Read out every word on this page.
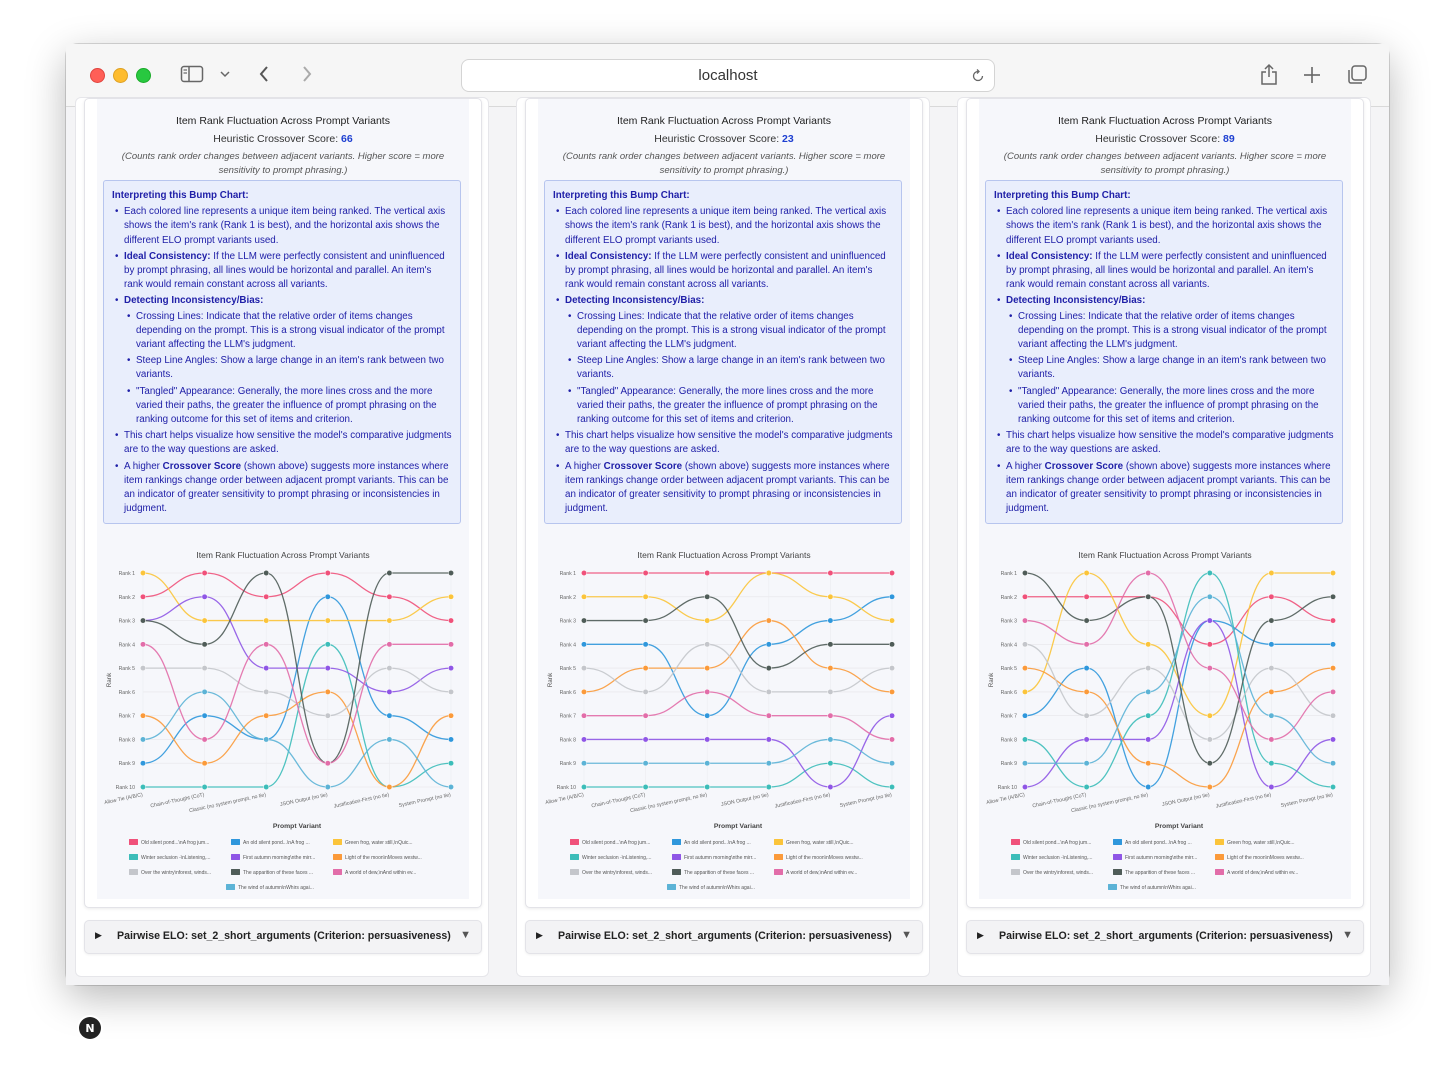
localhost
Item Rank Fluctuation Across Prompt Variants
Heuristic Crossover Score: 66
(Counts rank order changes between adjacent variants. Higher score = more sensitivity to prompt phrasing.)
Interpreting this Bump Chart:
• Each colored line represents a unique item being ranked. The vertical axis shows the item's rank (Rank 1 is best), and the horizontal axis shows the different ELO prompt variants used.
• Ideal Consistency: If the LLM were perfectly consistent and uninfluenced by prompt phrasing, all lines would be horizontal and parallel. An item's rank would remain constant across all variants.
• Detecting Inconsistency/Bias:
• Crossing Lines: Indicate that the relative order of items changes depending on the prompt. This is a strong visual indicator of the prompt variant affecting the LLM's judgment.
• Steep Line Angles: Show a large change in an item's rank between two variants.
• "Tangled" Appearance: Generally, the more lines cross and the more varied their paths, the greater the influence of prompt phrasing on the ranking outcome for this set of items and criterion.
• This chart helps visualize how sensitive the model's comparative judgments are to the way questions are asked.
• A higher Crossover Score (shown above) suggests more instances where item rankings change order between adjacent prompt variants. This can be an indicator of greater sensitivity to prompt phrasing or inconsistencies in judgment.
Item Rank Fluctuation Across Prompt Variants
Rank 1
Rank 2
Rank 3
Rank 4
Rank 5
Rank 6
Rank 7
Rank 8
Rank 9
Rank 10
Allow Tie (A/B/C) Chain-of-Thought (CoT)
Classic (no system prompt, no tie) JSON Output (no tie) Justification-First (no tie) System Prompt (no tie)
Rank
Prompt Variant
Old silent pond...\nA frog jum...	An old silent pond...\nA frog ...	Green frog, water still,\nQuic...
Winter seclusion -\nListening,...	First autumn morning\nthe mirr...	Light of the moon\nMoves westw...
Over the wintry\nforest, winds...	The apparition of these faces ...	A world of dew,\nAnd within ev...
The wind of autumn\nWhirs agai...
▶ Pairwise ELO: set_2_short_arguments (Criterion: persuasiveness) ▼
Item Rank Fluctuation Across Prompt Variants
Heuristic Crossover Score: 23
(Counts rank order changes between adjacent variants. Higher score = more sensitivity to prompt phrasing.)
Interpreting this Bump Chart:
• Each colored line represents a unique item being ranked. The vertical axis shows the item's rank (Rank 1 is best), and the horizontal axis shows the different ELO prompt variants used.
• Ideal Consistency: If the LLM were perfectly consistent and uninfluenced by prompt phrasing, all lines would be horizontal and parallel. An item's rank would remain constant across all variants.
• Detecting Inconsistency/Bias:
• Crossing Lines: Indicate that the relative order of items changes depending on the prompt. This is a strong visual indicator of the prompt variant affecting the LLM's judgment.
• Steep Line Angles: Show a large change in an item's rank between two variants.
• "Tangled" Appearance: Generally, the more lines cross and the more varied their paths, the greater the influence of prompt phrasing on the ranking outcome for this set of items and criterion.
• This chart helps visualize how sensitive the model's comparative judgments are to the way questions are asked.
• A higher Crossover Score (shown above) suggests more instances where item rankings change order between adjacent prompt variants. This can be an indicator of greater sensitivity to prompt phrasing or inconsistencies in judgment.
Item Rank Fluctuation Across Prompt Variants
Rank 1
Rank 2
Rank 3
Rank 4
Rank 5
Rank 6
Rank 7
Rank 8
Rank 9
Rank 10
Allow Tie (A/B/C) Chain-of-Thought (CoT)
Classic (no system prompt, no tie) JSON Output (no tie) Justification-First (no tie) System Prompt (no tie)
Rank
Prompt Variant
Old silent pond...\nA frog jum...	An old silent pond...\nA frog ...	Green frog, water still,\nQuic...
Winter seclusion -\nListening,...	First autumn morning\nthe mirr...	Light of the moon\nMoves westw...
Over the wintry\nforest, winds...	The apparition of these faces ...	A world of dew,\nAnd within ev...
The wind of autumn\nWhirs agai...
▶ Pairwise ELO: set_2_short_arguments (Criterion: persuasiveness) ▼
Item Rank Fluctuation Across Prompt Variants
Heuristic Crossover Score: 89
(Counts rank order changes between adjacent variants. Higher score = more sensitivity to prompt phrasing.)
Interpreting this Bump Chart:
• Each colored line represents a unique item being ranked. The vertical axis shows the item's rank (Rank 1 is best), and the horizontal axis shows the different ELO prompt variants used.
• Ideal Consistency: If the LLM were perfectly consistent and uninfluenced by prompt phrasing, all lines would be horizontal and parallel. An item's rank would remain constant across all variants.
• Detecting Inconsistency/Bias:
• Crossing Lines: Indicate that the relative order of items changes depending on the prompt. This is a strong visual indicator of the prompt variant affecting the LLM's judgment.
• Steep Line Angles: Show a large change in an item's rank between two variants.
• "Tangled" Appearance: Generally, the more lines cross and the more varied their paths, the greater the influence of prompt phrasing on the ranking outcome for this set of items and criterion.
• This chart helps visualize how sensitive the model's comparative judgments are to the way questions are asked.
• A higher Crossover Score (shown above) suggests more instances where item rankings change order between adjacent prompt variants. This can be an indicator of greater sensitivity to prompt phrasing or inconsistencies in judgment.
Item Rank Fluctuation Across Prompt Variants
Rank 1
Rank 2
Rank 3
Rank 4
Rank 5
Rank 6
Rank 7
Rank 8
Rank 9
Rank 10
Allow Tie (A/B/C) Chain-of-Thought (CoT)
Classic (no system prompt, no tie) JSON Output (no tie) Justification-First (no tie) System Prompt (no tie)
Rank
Prompt Variant
Old silent pond...\nA frog jum...	An old silent pond...\nA frog ...	Green frog, water still,\nQuic...
Winter seclusion -\nListening,...	First autumn morning\nthe mirr...	Light of the moon\nMoves westw...
Over the wintry\nforest, winds...	The apparition of these faces ...	A world of dew,\nAnd within ev...
The wind of autumn\nWhirs agai...
▶ Pairwise ELO: set_2_short_arguments (Criterion: persuasiveness) ▼
N
